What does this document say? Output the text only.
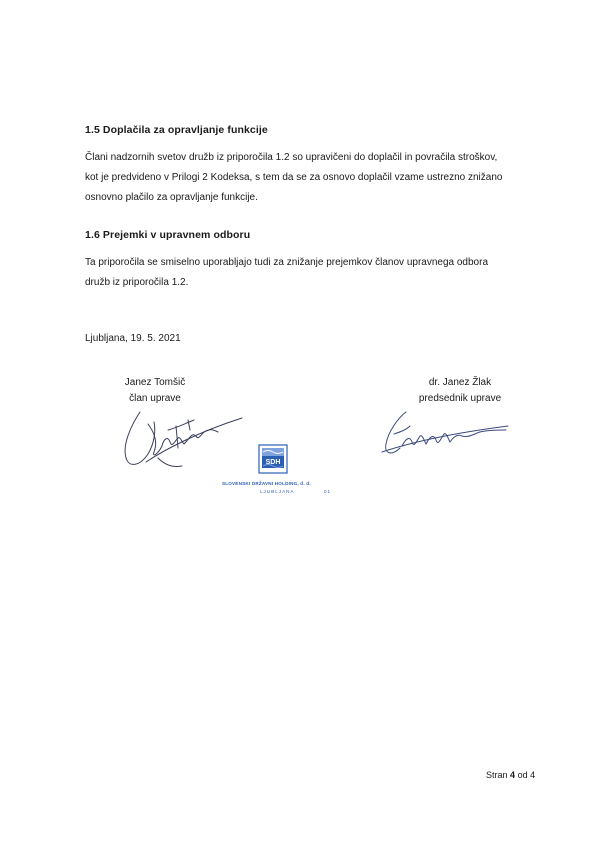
1.5 Doplačila za opravljanje funkcije
Člani nadzornih svetov družb iz priporočila 1.2 so upravičeni do doplačil in povračila stroškov,
kot je predvideno v Prilogi 2 Kodeksa, s tem da se za osnovo doplačil vzame ustrezno znižano
osnovno plačilo za opravljanje funkcije.
1.6 Prejemki v upravnem odboru
Ta priporočila se smiselno uporabljajo tudi za znižanje prejemkov članov upravnega odbora
družb iz priporočila 1.2.
Ljubljana, 19. 5. 2021
Janez Tomšič
član uprave
dr. Janez Žlak
predsednik uprave
SDH
SLOVENSKI DRŽAVNI HOLDING, d. d.
LJUBLJANA	01
Stran 4 od 4
